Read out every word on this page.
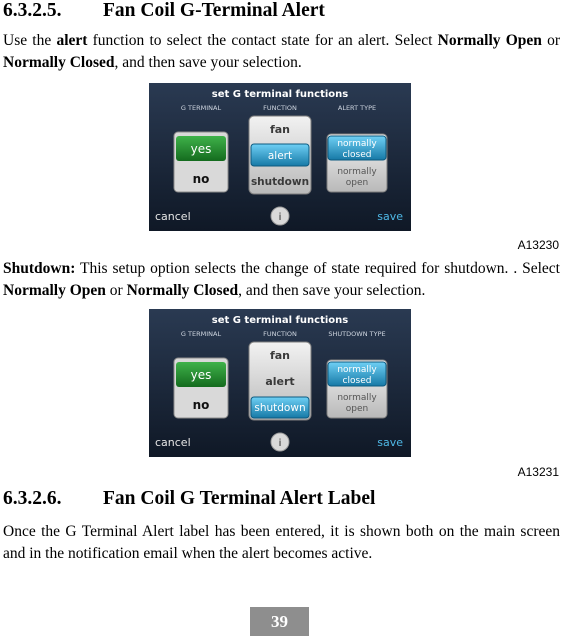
6.3.2.5. Fan Coil G-Terminal Alert
Use the alert function to select the contact state for an alert. Select Normally Open or Normally Closed, and then save your selection.
set G terminal functions
G TERMINAL	FUNCTION	ALERT TYPE
yes
no
fan
alert
shutdown
normally
closed
normally
open
cancel	i	save
A13230
Shutdown: This setup option selects the change of state required for shutdown. . Select Normally Open or Normally Closed, and then save your selection.
set G terminal functions
G TERMINAL	FUNCTION	SHUTDOWN TYPE
yes
no
fan
alert
shutdown
normally
closed
normally
open
cancel	i	save
A13231
6.3.2.6. Fan Coil G Terminal Alert Label
Once the G Terminal Alert label has been entered, it is shown both on the main screen and in the notification email when the alert becomes active.
39
